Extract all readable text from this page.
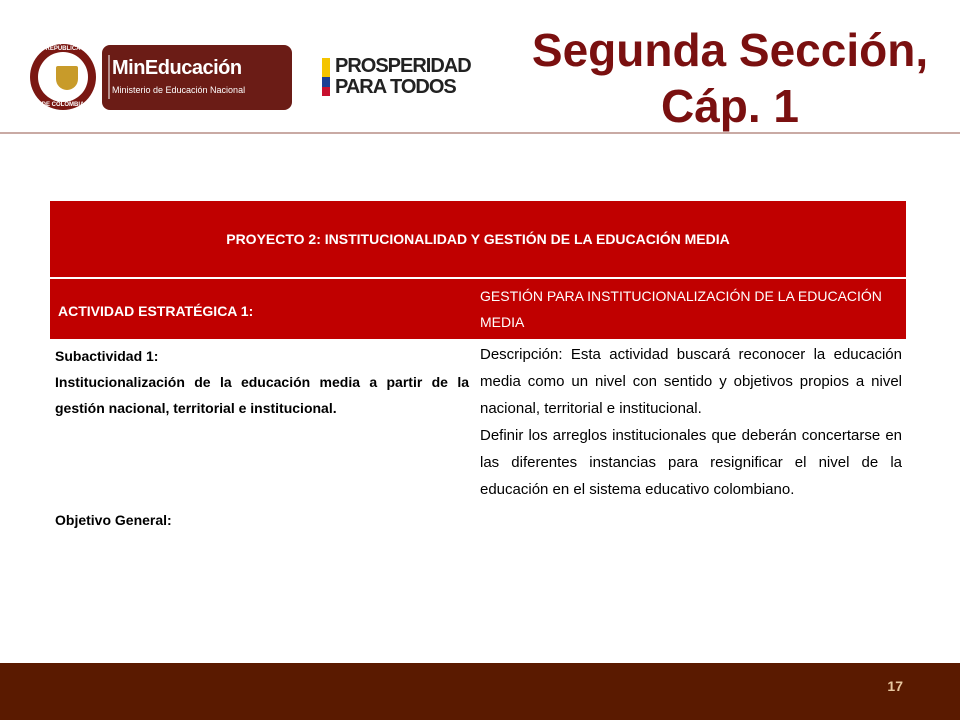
REPÚBLICA
DE COLOMBIA
MinEducación
Ministerio de Educación Nacional
PROSPERIDAD
PARA TODOS
Segunda Sección,
Cáp. 1
PROYECTO 2: INSTITUCIONALIDAD Y GESTIÓN DE LA EDUCACIÓN MEDIA
ACTIVIDAD ESTRATÉGICA 1:
GESTIÓN PARA INSTITUCIONALIZACIÓN DE LA EDUCACIÓN MEDIA
Subactividad 1:
Institucionalización de la educación media a partir de la gestión nacional, territorial e institucional.
Objetivo General:

Descripción: Esta actividad buscará reconocer la educación media como un nivel con sentido y objetivos propios a nivel nacional, territorial e institucional.

Definir los arreglos institucionales que deberán concertarse en las diferentes instancias para resignificar el nivel de la educación en el sistema educativo colombiano.

17
